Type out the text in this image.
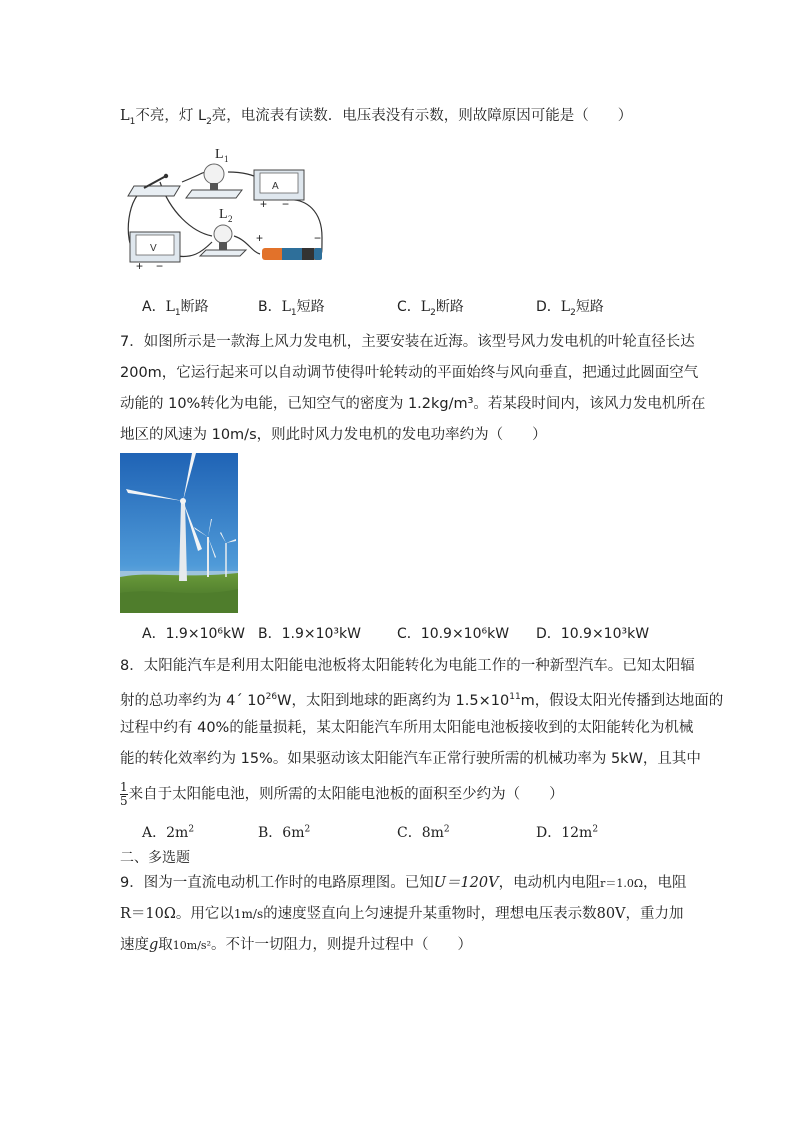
$L_1$不亮，灯 $L_2$亮，电流表有读数．电压表没有示数，则故障原因可能是（　　）
L 1
A
+ −
L 2
V
+ −
+	−
A．$L_1$断路	B．$L_1$短路	C．$L_2$断路	D．$L_2$短路
7．如图所示是一款海上风力发电机，主要安装在近海。该型号风力发电机的叶轮直径长达
200m，它运行起来可以自动调节使得叶轮转动的平面始终与风向垂直，把通过此圆面空气
动能的 10%转化为电能，已知空气的密度为 1.2kg/m³。若某段时间内，该风力发电机所在
地区的风速为 10m/s，则此时风力发电机的发电功率约为（　　）
A．1.9×10⁶kW B．1.9×10³kW	C．10.9×10⁶kW D．10.9×10³kW
8．太阳能汽车是利用太阳能电池板将太阳能转化为电能工作的一种新型汽车。已知太阳辐
射的总功率约为 4´ $10^{26}W$，太阳到地球的距离约为 $1.5\times 10^{11}m$，假设太阳光传播到达地面的
过程中约有 40%的能量损耗，某太阳能汽车所用太阳能电池板接收到的太阳能转化为机械
能的转化效率约为 15%。如果驱动该太阳能汽车正常行驶所需的机械功率为 5kW，且其中
$\frac{1}{5}$ 来自于太阳能电池，则所需的太阳能电池板的面积至少约为（　　）
A．$2m^2$	B．$6m^2$	C．$8m^2$	D．$12m^2$
二、多选题
9．图为一直流电动机工作时的电路原理图。已知U＝120V，电动机内电阻r＝1.0Ω，电阻
R＝10Ω。用它以1m/s的速度竖直向上匀速提升某重物时，理想电压表示数80V，重力加
速度g取10m/s²。不计一切阻力，则提升过程中（　　）
